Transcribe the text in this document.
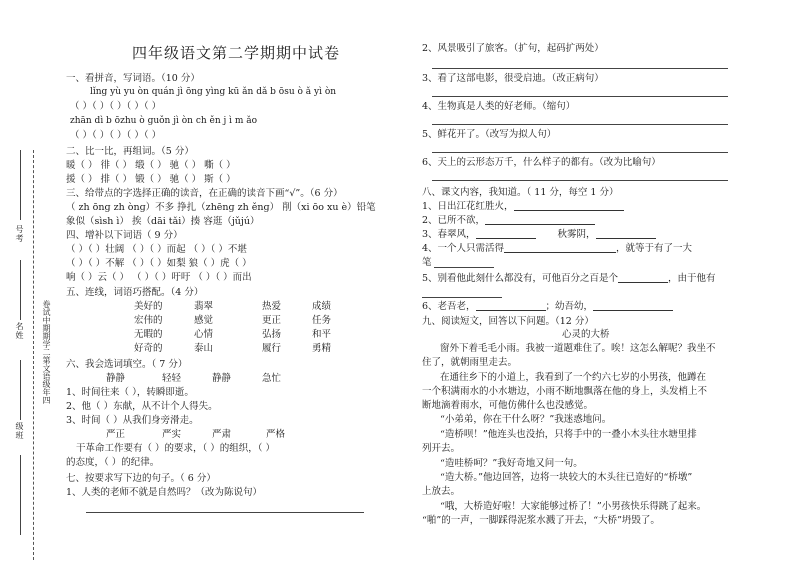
号考
名姓
级班
卷试中期期学二第文语级年四
四年级语文第二学期期中试卷
一、看拼音，写词语。（10 分）
lǐng yù yu òn quán jì ōng yìng kū ǎn dǎ b ōsu ò ǎ yì òn
（ ）（ ）（ ）（ ）（ ）
zhān dì b ōzhu ò guǒn jì òn ch ěn j ì m ǎo
（ ）（ ）（ ）（ ）（ ）
二、比一比，再组词。（5 分）
暖（ ） 徘（ ） 缎（ ） 驰（ ） 嘶（ ）
援（ ） 排（ ） 锻（ ） 驰（ ） 斯（ ）
三、给带点的字选择正确的读音，在正确的读音下画“√”。（6 分）
（ zh ōnɡ zh ònɡ）不多 挣扎（zhēnɡ zh ěnɡ） 削（xi ōo xu è）铅笔
象似（sìsh ì） 挨（dāi tǎi）揍 容逛（jǔjú）
四、增补以下词语（ 9 分）
（ ）（ ）壮阔 （ ）（ ）而起 （ ）（ ）不堪
（ ）（ ）不解 （ ）（ ）如梨 狼（ ）虎（ ）
响（ ）云（ ） （ ）（ ）吁吁 （ ）（ ）而出
五、连线，词语巧搭配。（4 分）
美好的	翡翠	热爱	成绩
宏伟的	感觉	更正	任务
无暇的	心情	弘扬	和平
好奇的	泰山	履行	勇精
六、我会选词填空。（ 7 分）
静静	轻轻	静静	急忙
1、时间往来（ ），转瞬即逝。
2、他（ ）东献，从不计个人得失。
3、时间（ ）从我们身旁滑走。
严正	严实	严肃	严格
干革命工作要有（ ）的要求，（ ）的组织，（ ）
的态度，（ ）的纪律。
七、按要求写下边的句子。（ 6 分）
1、人类的老师不就是自然吗？（改为陈说句）
2、风景吸引了旅客。（扩句，起码扩两处）
3、看了这部电影，很受启迪。（改正病句）
4、生物真是人类的好老师。（缩句）
5、鲜花开了。（改写为拟人句）
6、天上的云形态万千，什么样子的都有。（改为比喻句）
八、课文内容，我知道。（ 11 分，每空 1 分）
1、日出江花红胜火，
2、已所不欲，
3、春翠风，	秋雾阴，
4、一个人只需活得	，就等于有了一大
笔
5、别看他此刻什么都没有，可他百分之百是个	，由于他有
6、老吾老，	；幼吾幼，
九、阅读短文，回答以下问题。（12 分）
心灵的大桥
窗外下着毛毛小雨。我被一道题难住了。唉！这怎么解呢？我坐不
住了，就朝雨里走去。
在通往乡下的小道上，我看到了一个约六七岁的小男孩，他蹲在
一个积满雨水的小水塘边，小雨不断地飘落在他的身上，头发梢上不
断地滴着雨水，可他仿佛什么也没感觉。
“小弟弟，你在干什么呀？”我迷惑地问。
“造桥呗！”他连头也没抬，只将手中的一叠小木头往水塘里排
列开去。
“造哇桥呵？”我好奇地又问一句。
“造大桥。”他边回答，边将一块较大的木头往已造好的“桥墩”
上放去。
“哦，大桥造好啦！大家能够过桥了！”小男孩快乐得跳了起来。
“啪”的一声，一脚踩得泥浆水溅了开去，“大桥”坍毁了。
